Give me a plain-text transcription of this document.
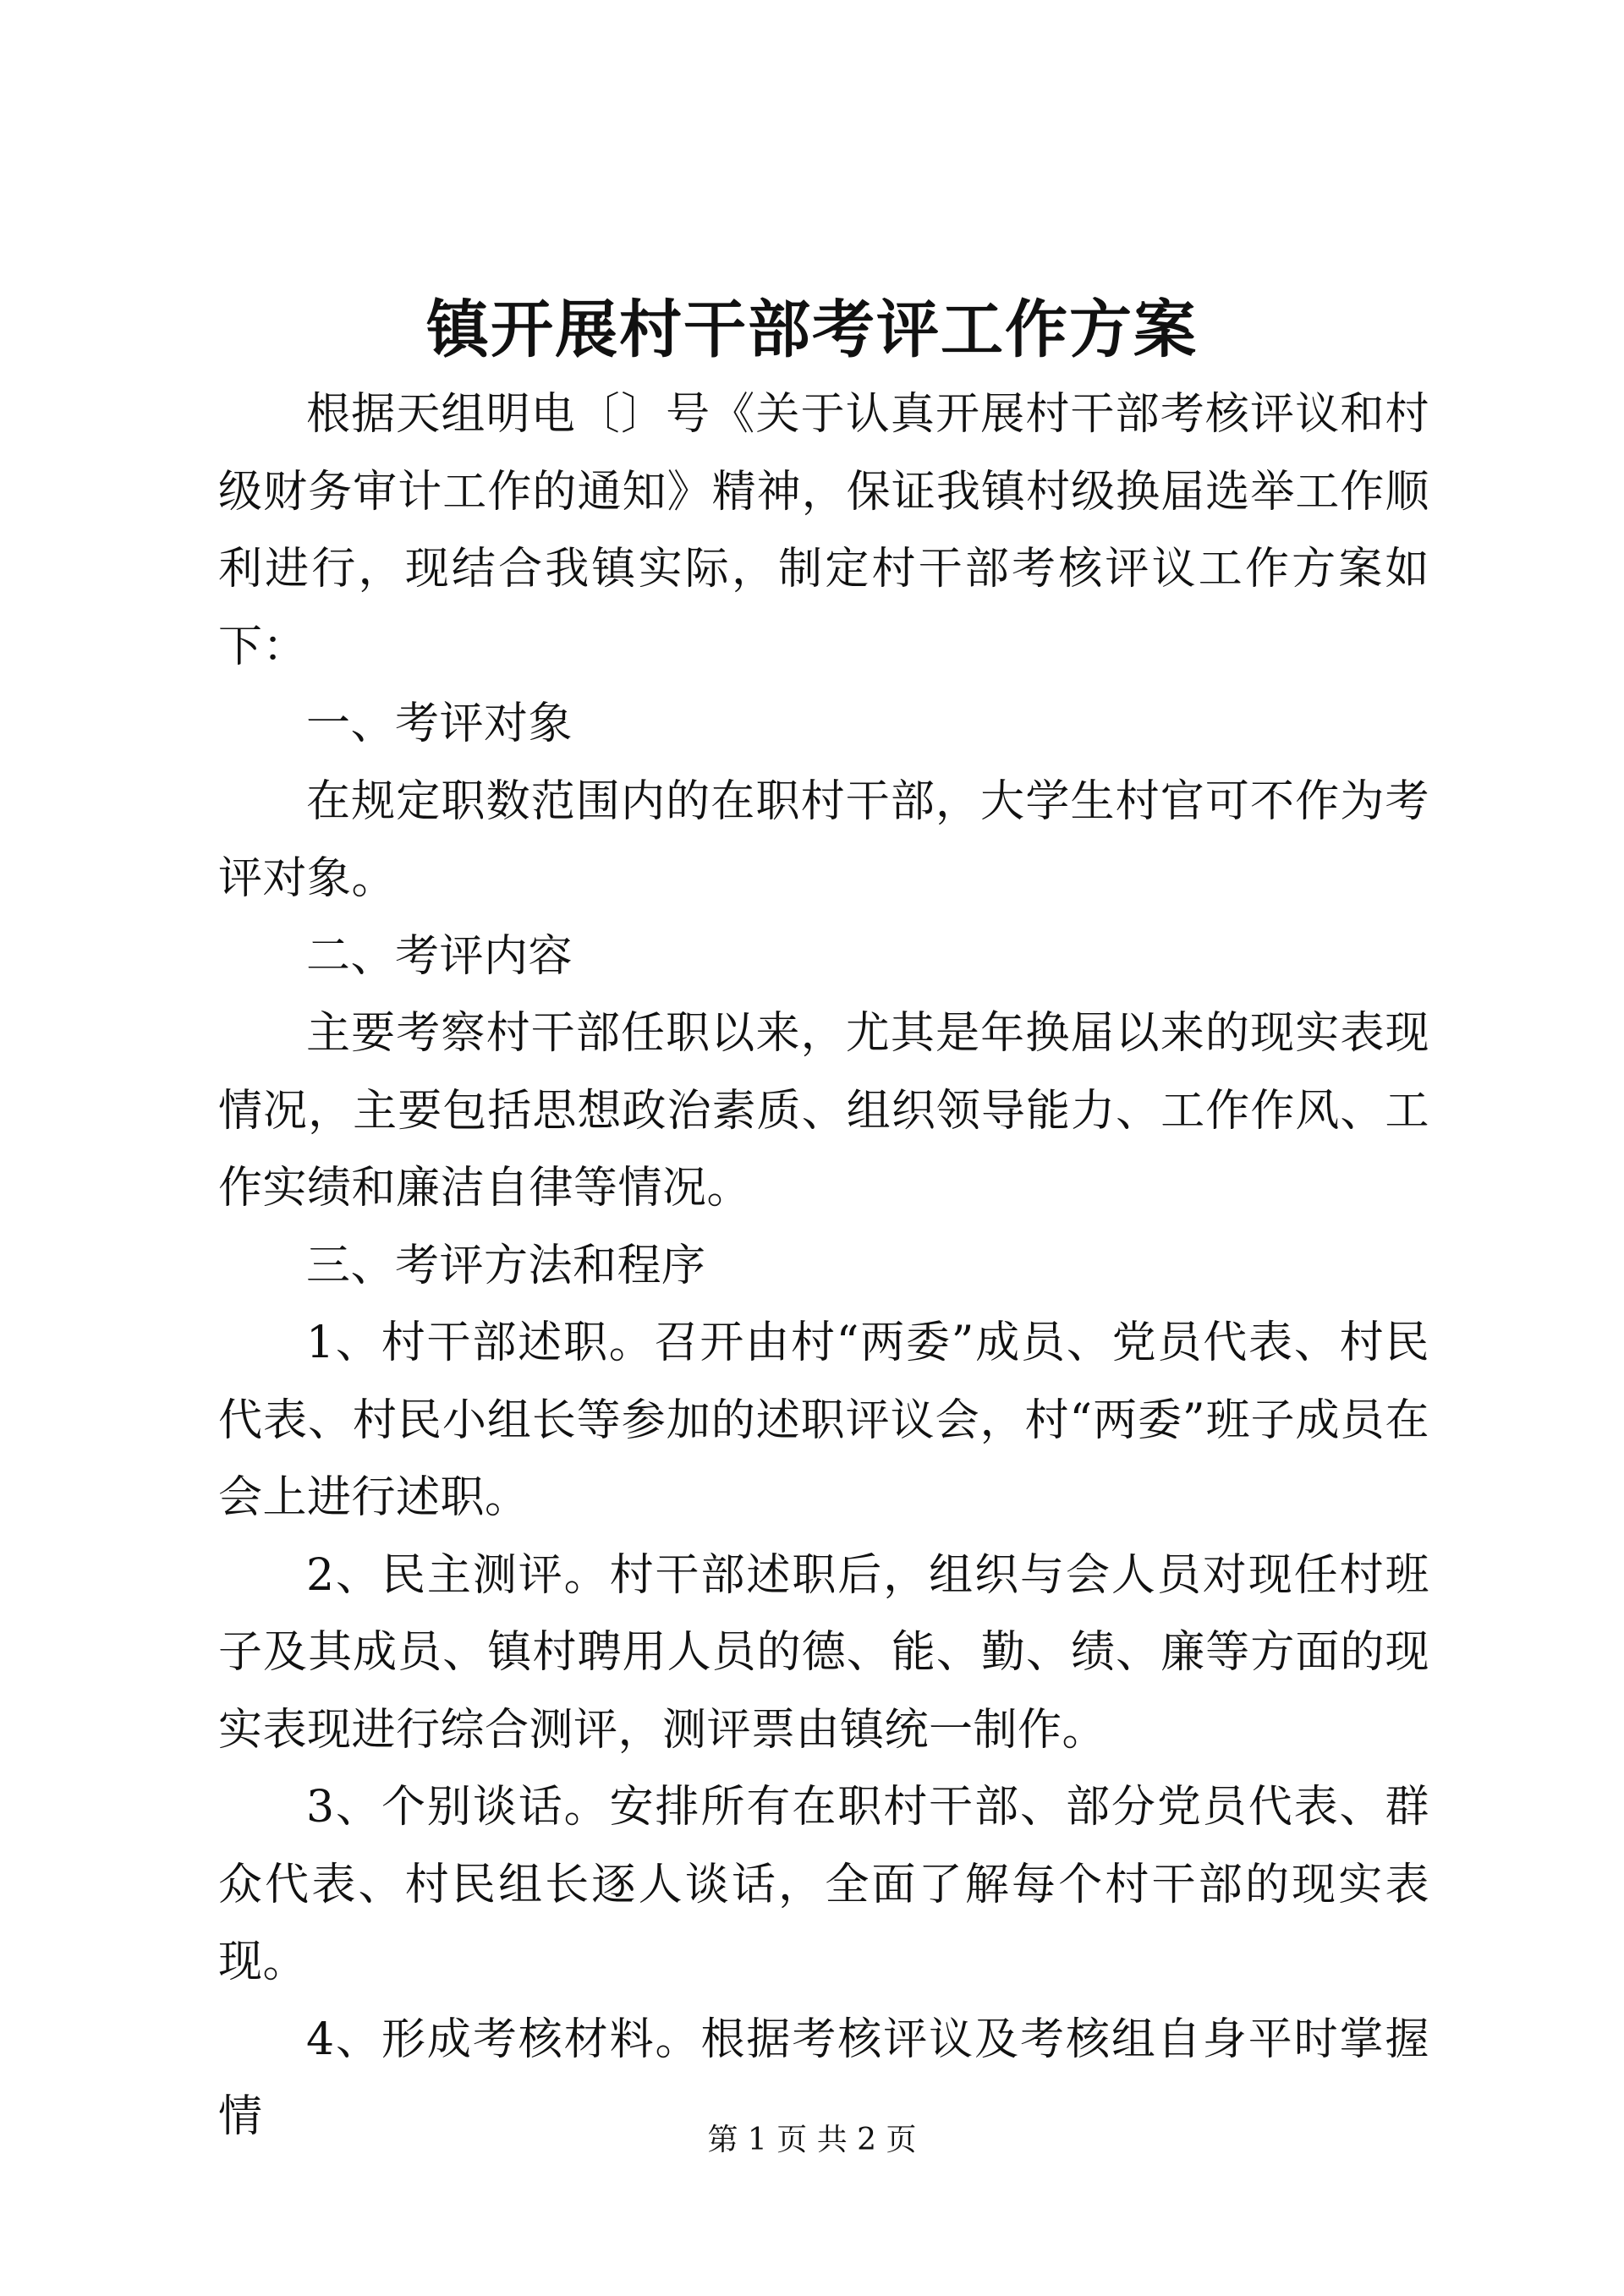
镇开展村干部考评工作方案

根据天组明电〔〕号《关于认真开展村干部考核评议和村级财务审计工作的通知》精神，保证我镇村级换届选举工作顺利进行，现结合我镇实际，制定村干部考核评议工作方案如下：

一、考评对象

在规定职数范围内的在职村干部，大学生村官可不作为考评对象。

二、考评内容

主要考察村干部任职以来，尤其是年换届以来的现实表现情况，主要包括思想政治素质、组织领导能力、工作作风、工作实绩和廉洁自律等情况。

三、考评方法和程序

1、村干部述职。召开由村“两委”成员、党员代表、村民代表、村民小组长等参加的述职评议会，村“两委”班子成员在会上进行述职。

2、民主测评。村干部述职后，组织与会人员对现任村班子及其成员、镇村聘用人员的德、能、勤、绩、廉等方面的现实表现进行综合测评，测评票由镇统一制作。

3、个别谈话。安排所有在职村干部、部分党员代表、群众代表、村民组长逐人谈话，全面了解每个村干部的现实表现。

4、形成考核材料。根据考核评议及考核组自身平时掌握情	第 1 页 共 2 页
